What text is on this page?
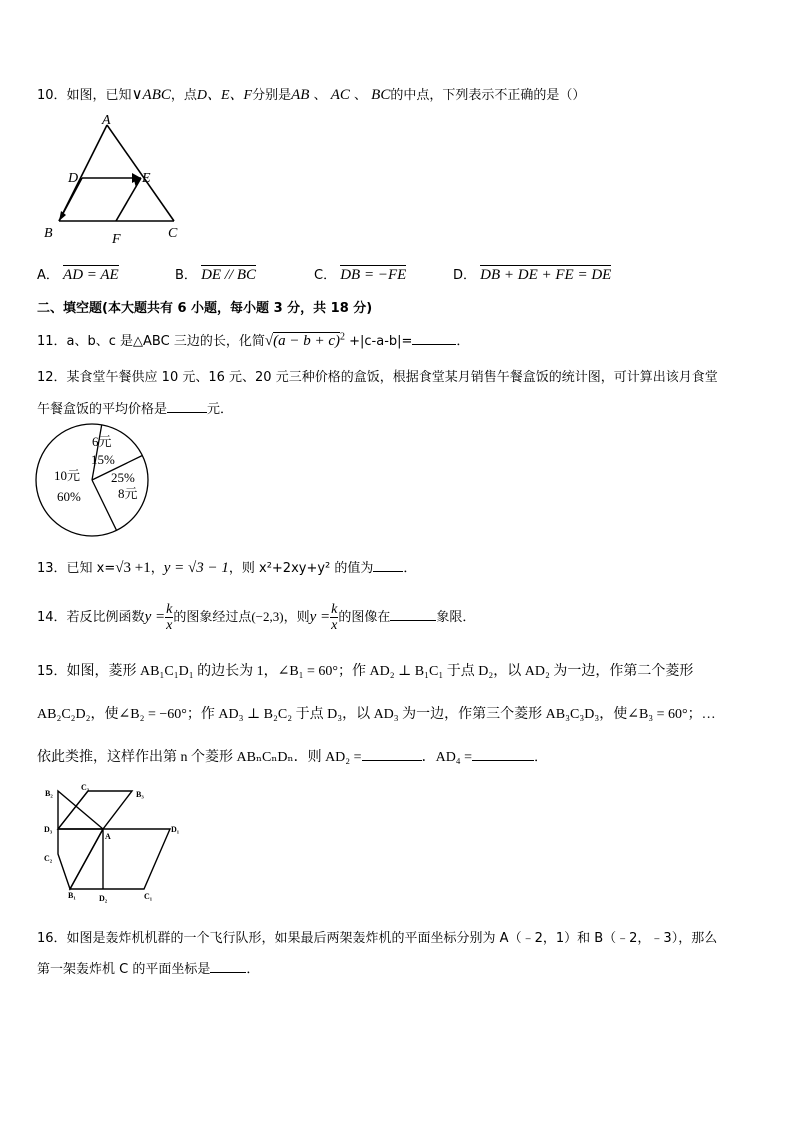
10．如图，已知∨ABC，点D、E、F分别是AB 、 AC 、 BC的中点，下列表示不正确的是（）
A
D	E
B	F	C
A． AD = AE	B． DE // BC	C． DB = −FE	D． DB + DE + FE = DE
二、填空题(本大题共有 6 小题，每小题 3 分，共 18 分)
11．a、b、c 是△ABC 三边的长，化简$√(a - b + c)^2 +|c-a-b|=$	．
12．某食堂午餐供应 10 元、16 元、20 元三种价格的盒饭，根据食堂某月销售午餐盒饭的统计图，可计算出该月食堂
午餐盒饭的平均价格是	元．
6元
15%
25%
8元
10元
60%
13．已知 x=√3 +1，y = √3 − 1，则 x²+2xy+y² 的值为 ．
14．若反比例函数$y = \frac{k}{x}$ 的图象经过点(−2,3)，则$y = \frac{k}{x}$ 的图像在	象限．
15．如图，菱形 AB₁C₁D₁ 的边长为 1，∠B₁ = 60°；作 AD₂ ⊥ B₁C₁ 于点 D₂，以 AD₂ 为一边，作第二个菱形
AB₂C₂D₂，使∠B₂ = −60°；作 AD₃ ⊥ B₂C₂ 于点 D₃，以 AD₃ 为一边，作第三个菱形 AB₃C₃D₃，使∠B₃ = 60°；…
依此类推，这样作出第 n 个菱形 ABₙCₙDₙ．则 AD₂ =	．AD₄ =	．
B₂
C₃
B₃
D₃
A
D₁
C₂
B₁	D₂	C₁
16．如图是轰炸机机群的一个飞行队形，如果最后两架轰炸机的平面坐标分别为 A（﹣2，1）和 B（﹣2，﹣3），那么
第一架轰炸机 C 的平面坐标是	．
